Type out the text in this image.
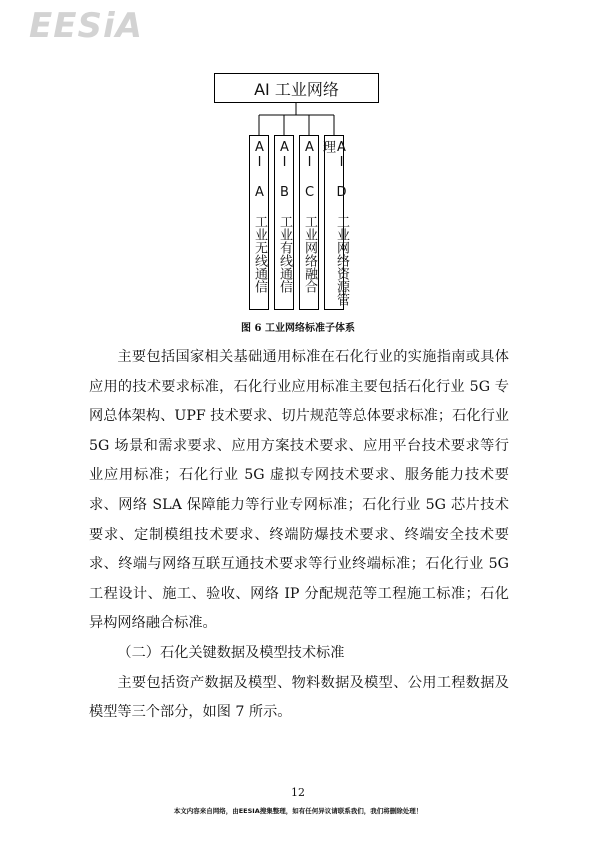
EESiA
AI 工业网络
AI A 工业无线通信 AI B 工业有线通信 AI C 工业网络融合	AI D 工业网络资源管理
图 6 工业网络标准子体系

主要包括国家相关基础通用标准在石化行业的实施指南或具体应用的技术要求标准，石化行业应用标准主要包括石化行业 5G 专网总体架构、UPF 技术要求、切片规范等总体要求标准；石化行业 5G 场景和需求要求、应用方案技术要求、应用平台技术要求等行业应用标准；石化行业 5G 虚拟专网技术要求、服务能力技术要求、网络 SLA 保障能力等行业专网标准；石化行业 5G 芯片技术要求、定制模组技术要求、终端防爆技术要求、终端安全技术要求、终端与网络互联互通技术要求等行业终端标准；石化行业 5G 工程设计、施工、验收、网络 IP 分配规范等工程施工标准；石化异构网络融合标准。

（二）石化关键数据及模型技术标准

主要包括资产数据及模型、物料数据及模型、公用工程数据及模型等三个部分，如图 7 所示。

12
本文内容来自网络，由EESIA搜集整理，如有任何异议请联系我们，我们将删除处理！
